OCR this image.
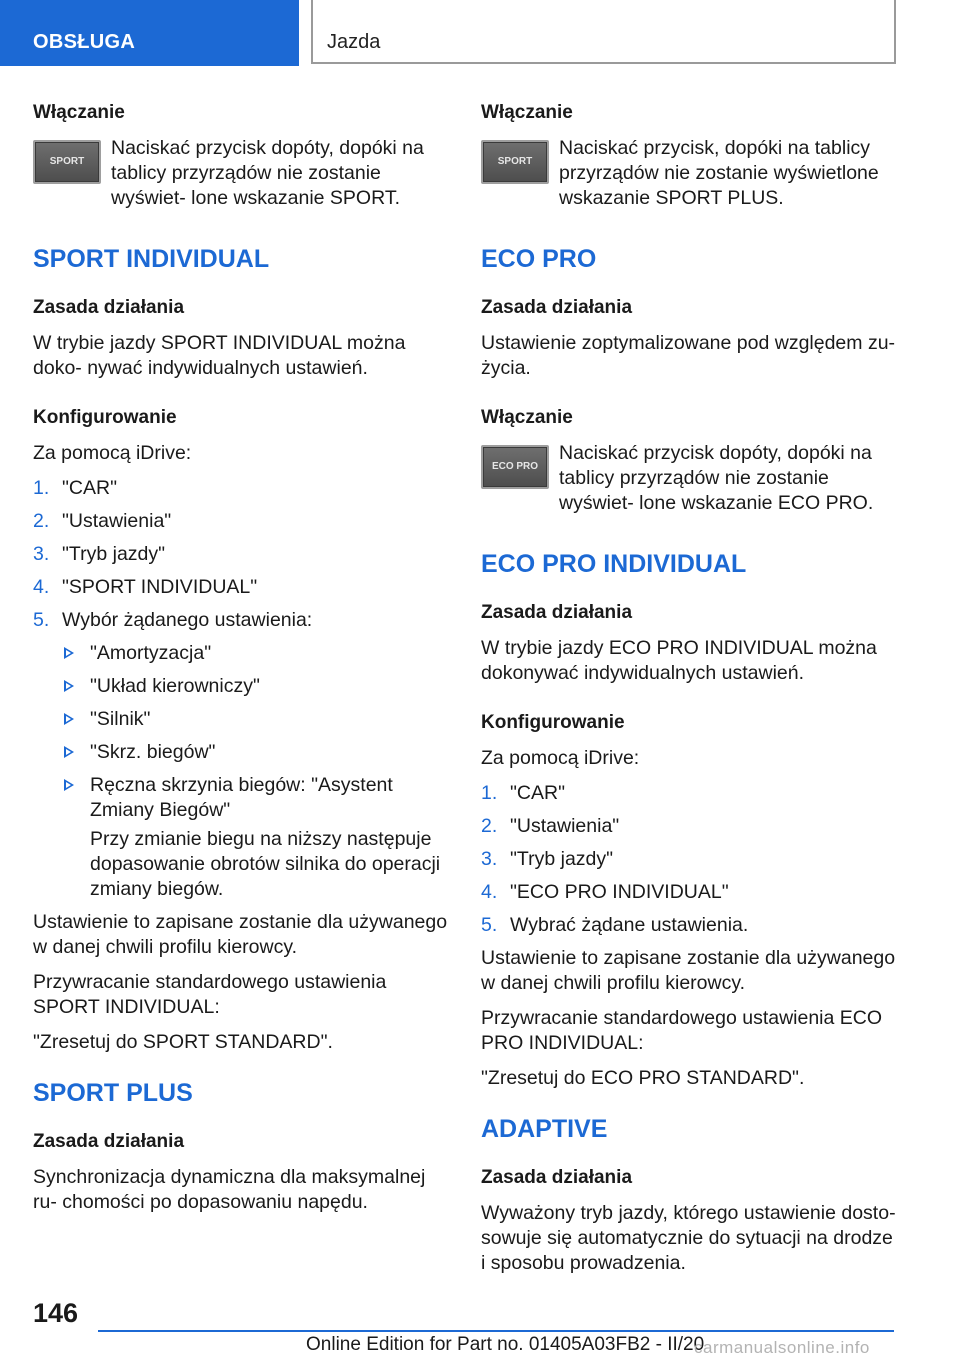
OBSŁUGA	Jazda
Włączanie
SPORT
Naciskać przycisk dopóty, dopóki na tablicy przyrządów nie zostanie wyświet- lone wskazanie SPORT.
SPORT INDIVIDUAL
Zasada działania
W trybie jazdy SPORT INDIVIDUAL można doko- nywać indywidualnych ustawień.
Konfigurowanie
Za pomocą iDrive:
1. "CAR"
2. "Ustawienia"
3. "Tryb jazdy"
4. "SPORT INDIVIDUAL"
5. Wybór żądanego ustawienia:
"Amortyzacja"
"Układ kierowniczy"
"Silnik"
"Skrz. biegów"
Ręczna skrzynia biegów: "Asystent Zmiany Biegów"
Przy zmianie biegu na niższy następuje dopasowanie obrotów silnika do operacji zmiany biegów.
Ustawienie to zapisane zostanie dla używanego w danej chwili profilu kierowcy.
Przywracanie standardowego ustawienia SPORT INDIVIDUAL:
"Zresetuj do SPORT STANDARD".
SPORT PLUS
Zasada działania
Synchronizacja dynamiczna dla maksymalnej ru- chomości po dopasowaniu napędu.
Włączanie
SPORT
Naciskać przycisk, dopóki na tablicy przyrządów nie zostanie wyświetlone wskazanie SPORT PLUS.
ECO PRO
Zasada działania
Ustawienie zoptymalizowane pod względem zu- życia.
Włączanie
ECO PRO
Naciskać przycisk dopóty, dopóki na tablicy przyrządów nie zostanie wyświet- lone wskazanie ECO PRO.
ECO PRO INDIVIDUAL
Zasada działania
W trybie jazdy ECO PRO INDIVIDUAL można dokonywać indywidualnych ustawień.
Konfigurowanie
Za pomocą iDrive:
1. "CAR"
2. "Ustawienia"
3. "Tryb jazdy"
4. "ECO PRO INDIVIDUAL"
5. Wybrać żądane ustawienia.
Ustawienie to zapisane zostanie dla używanego w danej chwili profilu kierowcy.
Przywracanie standardowego ustawienia ECO PRO INDIVIDUAL:
"Zresetuj do ECO PRO STANDARD".
ADAPTIVE
Zasada działania
Wyważony tryb jazdy, którego ustawienie dosto- sowuje się automatycznie do sytuacji na drodze i sposobu prowadzenia.
146
Online Edition for Part no. 01405A03FB2 - II/20
carmanualsonline.info
